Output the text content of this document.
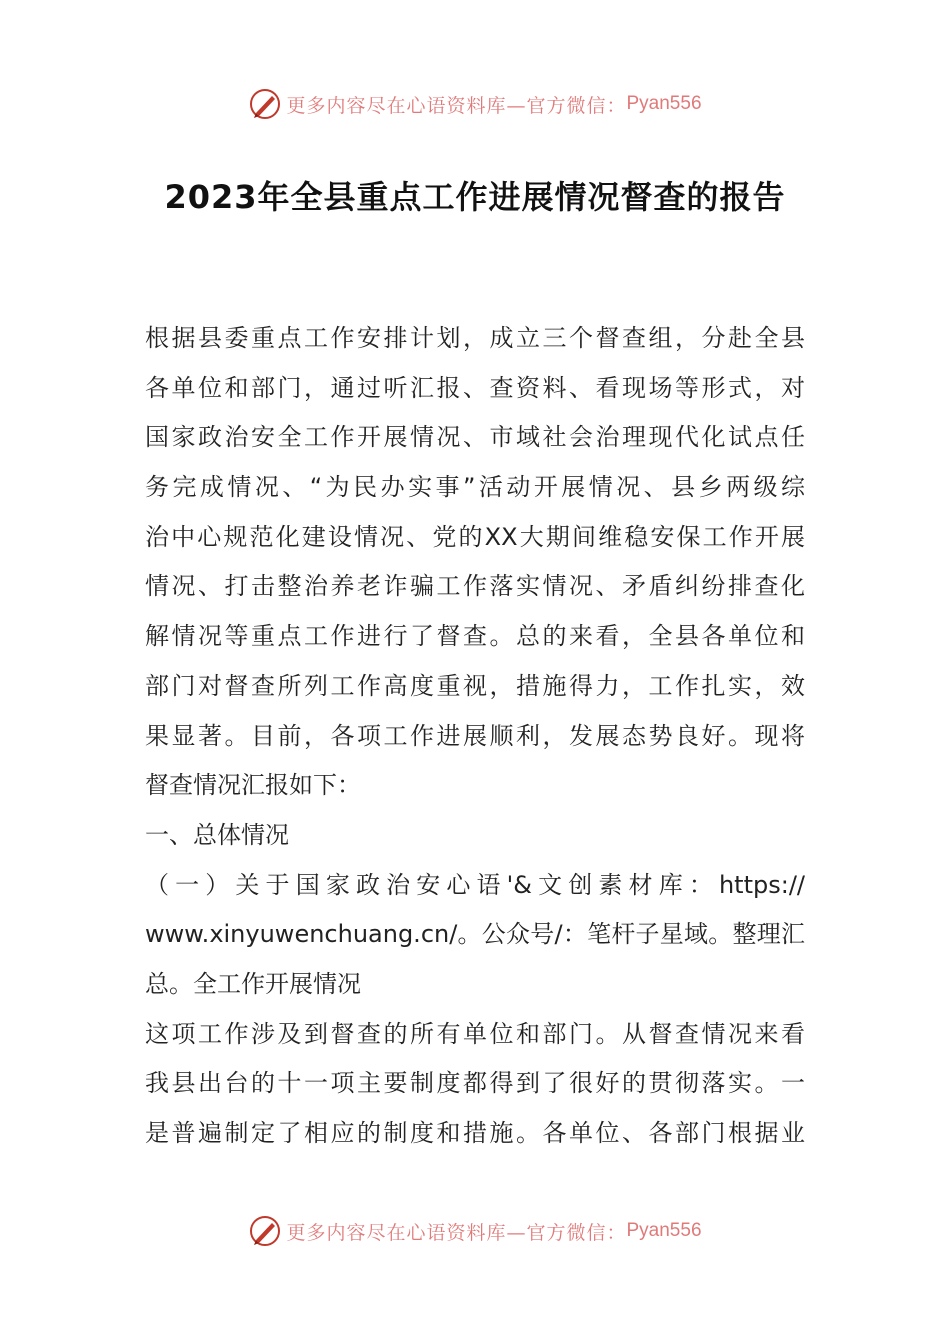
更多内容尽在心语资料库—官方微信： Pyan556
2023年全县重点工作进展情况督查的报告
根据县委重点工作安排计划，成立三个督查组，分赴全县
各单位和部门，通过听汇报、查资料、看现场等形式，对
国家政治安全工作开展情况、市域社会治理现代化试点任
务完成情况、“为民办实事”活动开展情况、县乡两级综
治中心规范化建设情况、党的XX大期间维稳安保工作开展
情况、打击整治养老诈骗工作落实情况、矛盾纠纷排查化
解情况等重点工作进行了督查。总的来看，全县各单位和
部门对督查所列工作高度重视，措施得力，工作扎实，效
果显著。目前，各项工作进展顺利，发展态势良好。现将
督查情况汇报如下：
一、总体情况
（一）关于国家政治安心语'&文创素材库：https://
www.xinyuwenchuang.cn/。公众号/：笔杆子星域。整理汇
总。全工作开展情况
这项工作涉及到督查的所有单位和部门。从督查情况来看
我县出台的十一项主要制度都得到了很好的贯彻落实。一
是普遍制定了相应的制度和措施。各单位、各部门根据业
更多内容尽在心语资料库—官方微信： Pyan556
